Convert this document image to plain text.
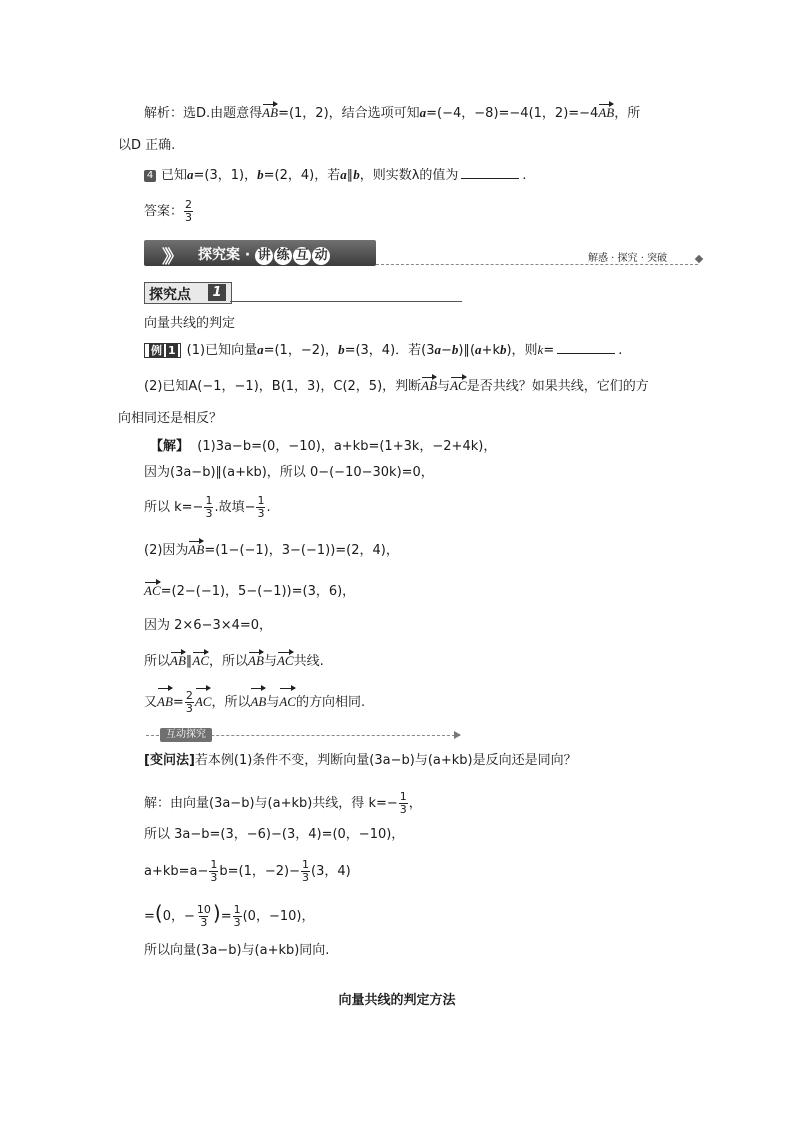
解析：选D.由题意得AB=(1，2)，结合选项可知a=(−4，−8)=−4(1，2)=−4AB，所
以D 正确.
4 已知a=(3，1)，b=(2，4)，若a∥b，则实数λ的值为	.
答案： $\frac{2}{3}$
》》 探究案 · 讲 练 互 动	解惑 · 探究 · 突破
探究点	1
向量共线的判定
例 1 (1)已知向量a=(1，−2)，b=(3，4)．若(3a−b)∥(a+kb)，则k=	.
(2)已知A(−1，−1)，B(1，3)，C(2，5)，判断AB与AC是否共线？如果共线，它们的方
向相同还是相反？
【解】 (1)3a−b=(0，−10)，a+kb=(1+3k，−2+4k)，
因为(3a−b)∥(a+kb)，所以 0−(−10−30k)=0，
所以 $k=- \frac{1}{3}$ .故填− $\frac{1}{3}$ .
(2)因为AB=(1−(−1)，3−(−1))=(2，4)，
AC=(2−(−1)，5−(−1))=(3，6)，
因为 2×6−3×4=0，
所以AB∥AC，所以AB与AC共线.
又$AB= \frac{2}{3}$ AC，所以AB与AC的方向相同.
互动探究
[变问法]若本例(1)条件不变，判断向量(3a−b)与(a+kb)是反向还是同向？
解：由向量(3a−b)与(a+kb)共线，得 $k=- \frac{1}{3}$ ，
所以 3a−b=(3，−6)−(3，4)=(0，−10)，
$a+kb=a- \frac{1}{3} b=(1$，$-2)- \frac{1}{3} (3$，4)
=(0，− $\frac{10}{3}$ )= $\frac{1}{3} (0$，−10)，
所以向量(3a−b)与(a+kb)同向.
向量共线的判定方法
